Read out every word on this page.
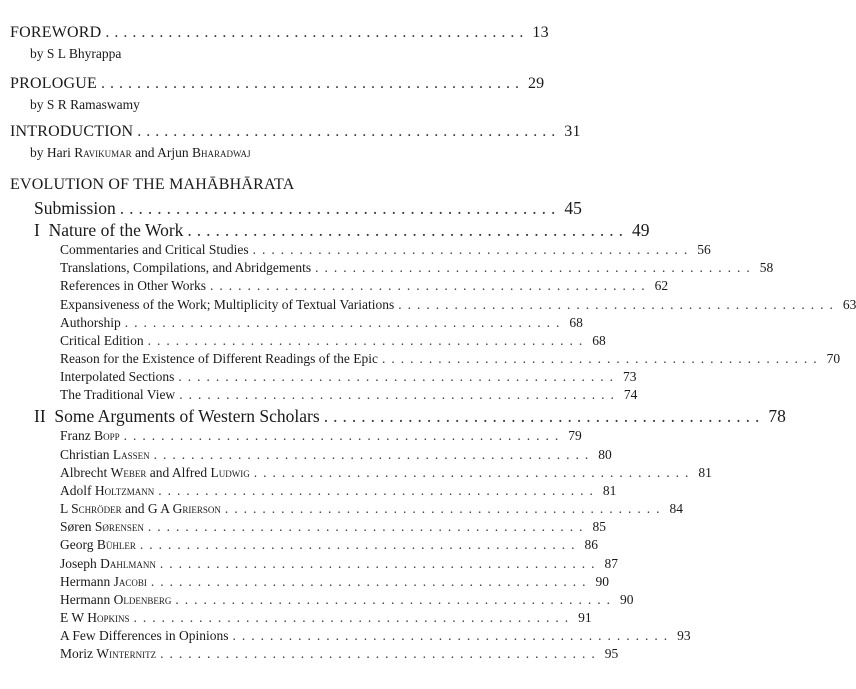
FOREWORD ............................................... 13
by S L Bhyrappa
PROLOGUE ............................................... 29
by S R Ramaswamy
INTRODUCTION ............................................... 31
by Hari Ravikumar and Arjun Bharadwaj
EVOLUTION OF THE MAHĀBHĀRATA
Submission ............................................... 45
I  Nature of the Work ............................................... 49
Commentaries and Critical Studies ............................................... 56
Translations, Compilations, and Abridgements ............................................... 58
References in Other Works ............................................... 62
Expansiveness of the Work; Multiplicity of Textual Variations ............................................... 63
Authorship ............................................... 68
Critical Edition ............................................... 68
Reason for the Existence of Different Readings of the Epic ............................................... 70
Interpolated Sections ............................................... 73
The Traditional View ............................................... 74
II  Some Arguments of Western Scholars ............................................... 78
Franz Bopp ............................................... 79
Christian Lassen ............................................... 80
Albrecht Weber and Alfred Ludwig ............................................... 81
Adolf Holtzmann ............................................... 81
L Schröder and G A Grierson ............................................... 84
Søren Sørensen ............................................... 85
Georg Bühler ............................................... 86
Joseph Dahlmann ............................................... 87
Hermann Jacobi ............................................... 90
Hermann Oldenberg ............................................... 90
E W Hopkins ............................................... 91
A Few Differences in Opinions ............................................... 93
Moriz Winternitz ............................................... 95
